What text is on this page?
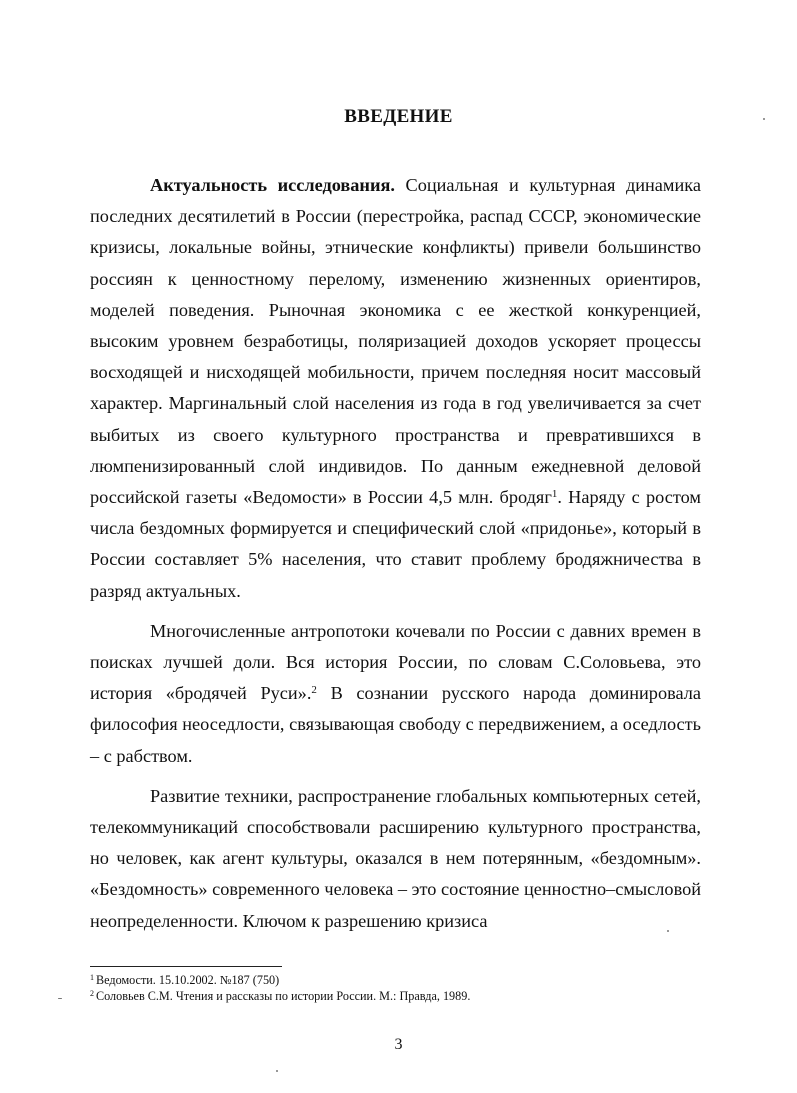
ВВЕДЕНИЕ

Актуальность исследования. Социальная и культурная динамика последних десятилетий в России (перестройка, распад СССР, экономические кризисы, локальные войны, этнические конфликты) привели большинство россиян к ценностному перелому, изменению жизненных ориентиров, моделей поведения. Рыночная экономика с ее жесткой конкуренцией, высоким уровнем безработицы, поляризацией доходов ускоряет процессы восходящей и нисходящей мобильности, причем последняя носит массовый характер. Маргинальный слой населения из года в год увеличивается за счет выбитых из своего культурного пространства и превратившихся в люмпенизированный слой индивидов. По данным ежедневной деловой российской газеты «Ведомости» в России 4,5 млн. бродяг$^1$. Наряду с ростом числа бездомных формируется и специфический слой «придонье», который в России составляет 5% населения, что ставит проблему бродяжничества в разряд актуальных.

Многочисленные антропотоки кочевали по России с давних времен в поисках лучшей доли. Вся история России, по словам С.Соловьева, это история «бродячей Руси».$^2$ В сознании русского народа доминировала философия неоседлости, связывающая свободу с передвижением, а оседлость – с рабством.

Развитие техники, распространение глобальных компьютерных сетей, телекоммуникаций способствовали расширению культурного пространства, но человек, как агент культуры, оказался в нем потерянным, «бездомным». «Бездомность» современного человека – это состояние ценностно–смысловой неопределенности. Ключом к разрешению кризиса

$^1$ Ведомости. 15.10.2002. №187 (750)
$^2$ Соловьев С.М. Чтения и рассказы по истории России. М.: Правда, 1989.
3
